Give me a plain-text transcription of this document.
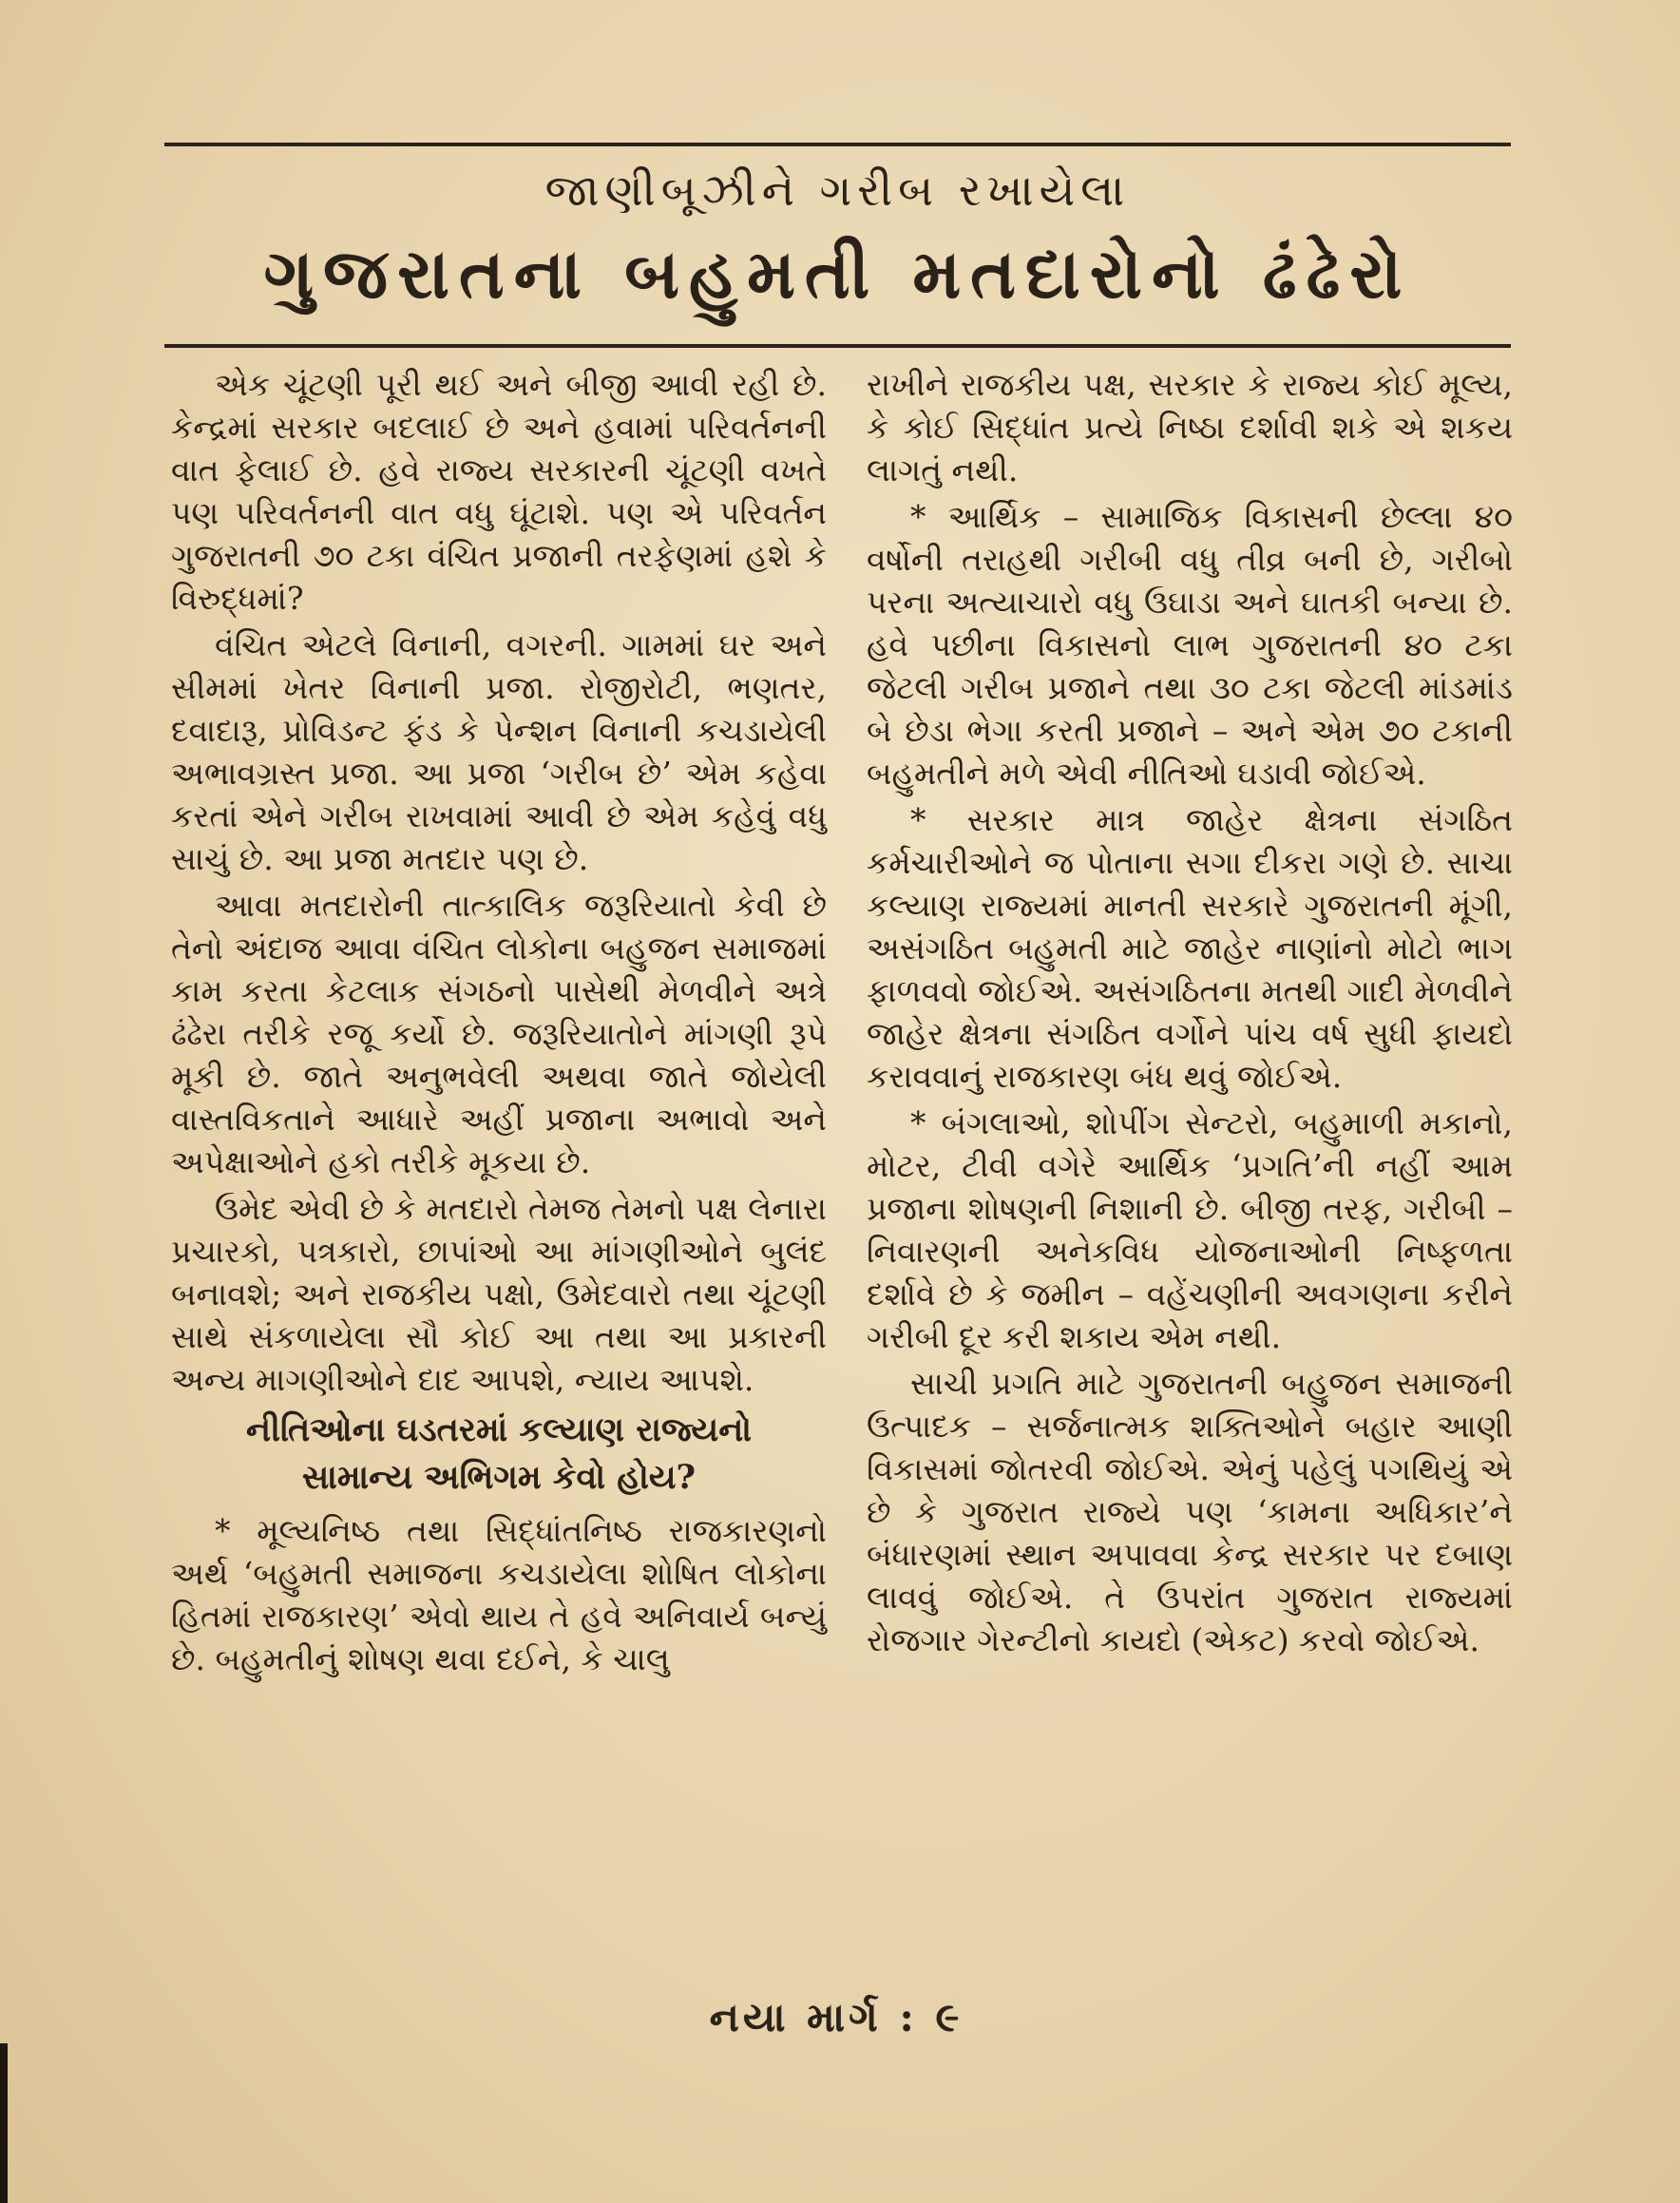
જાણીબૂઝીને ગરીબ રખાયેલા
ગુજરાતના બહુમતી મતદારોનો ઢંઢેરો

એક ચૂંટણી પૂરી થઈ અને બીજી આવી રહી છે. કેન્દ્રમાં સરકાર બદલાઈ છે અને હવામાં પરિવર્તનની વાત ફેલાઈ છે. હવે રાજ્ય સરકારની ચૂંટણી વખતે પણ પરિવર્તનની વાત વધુ ઘૂંટાશે. પણ એ પરિવર્તન ગુજરાતની ૭૦ ટકા વંચિત પ્રજાની તરફેણમાં હશે કે વિરુદ્ધમાં?

વંચિત એટલે વિનાની, વગરની. ગામમાં ઘર અને સીમમાં ખેતર વિનાની પ્રજા. રોજીરોટી, ભણતર, દવાદારૂ, પ્રોવિડન્ટ ફંડ કે પેન્શન વિનાની કચડાયેલી અભાવગ્રસ્ત પ્રજા. આ પ્રજા ‘ગરીબ છે’ એમ કહેવા કરતાં એને ગરીબ રાખવામાં આવી છે એમ કહેવું વધુ સાચું છે. આ પ્રજા મતદાર પણ છે.

આવા મતદારોની તાત્કાલિક જરૂરિયાતો કેવી છે તેનો અંદાજ આવા વંચિત લોકોના બહુજન સમાજમાં કામ કરતા કેટલાક સંગઠનો પાસેથી મેળવીને અત્રે ઢંઢેરા તરીકે રજૂ કર્યો છે. જરૂરિયાતોને માંગણી રૂપે મૂકી છે. જાતે અનુભવેલી અથવા જાતે જોયેલી વાસ્તવિકતાને આધારે અહીં પ્રજાના અભાવો અને અપેક્ષાઓને હકો તરીકે મૂકયા છે.

ઉમેદ એવી છે કે મતદારો તેમજ તેમનો પક્ષ લેનારા પ્રચારકો, પત્રકારો, છાપાંઓ આ માંગણીઓને બુલંદ બનાવશે; અને રાજકીય પક્ષો, ઉમેદવારો તથા ચૂંટણી સાથે સંકળાયેલા સૌ કોઈ આ તથા આ પ્રકારની અન્ય માગણીઓને દાદ આપશે, ન્યાય આપશે.

નીતિઓના ઘડતરમાં કલ્યાણ રાજ્યનો
સામાન્ય અભિગમ કેવો હોય?

* મૂલ્યનિષ્ઠ તથા સિદ્ધાંતનિષ્ઠ રાજકારણનો અર્થ ‘બહુમતી સમાજના કચડાયેલા શોષિત લોકોના હિતમાં રાજકારણ’ એવો થાય તે હવે અનિવાર્ય બન્યું છે. બહુમતીનું શોષણ થવા દઈને, કે ચાલુ

રાખીને રાજકીય પક્ષ, સરકાર કે રાજ્ય કોઈ મૂલ્ય, કે કોઈ સિદ્ધાંત પ્રત્યે નિષ્ઠા દર્શાવી શકે એ શકય લાગતું નથી.

* આર્થિક – સામાજિક વિકાસની છેલ્લા ૪૦ વર્ષોની તરાહથી ગરીબી વધુ તીવ્ર બની છે, ગરીબો પરના અત્યાચારો વધુ ઉઘાડા અને ઘાતકી બન્યા છે. હવે પછીના વિકાસનો લાભ ગુજરાતની ૪૦ ટકા જેટલી ગરીબ પ્રજાને તથા ૩૦ ટકા જેટલી માંડમાંડ બે છેડા ભેગા કરતી પ્રજાને – અને એમ ૭૦ ટકાની બહુમતીને મળે એવી નીતિઓ ઘડાવી જોઈએ.

* સરકાર માત્ર જાહેર ક્ષેત્રના સંગઠિત કર્મચારીઓને જ પોતાના સગા દીકરા ગણે છે. સાચા કલ્યાણ રાજ્યમાં માનતી સરકારે ગુજરાતની મૂંગી, અસંગઠિત બહુમતી માટે જાહેર નાણાંનો મોટો ભાગ ફાળવવો જોઈએ. અસંગઠિતના મતથી ગાદી મેળવીને જાહેર ક્ષેત્રના સંગઠિત વર્ગોને પાંચ વર્ષ સુધી ફાયદો કરાવવાનું રાજકારણ બંધ થવું જોઈએ.

* બંગલાઓ, શોપીંગ સેન્ટરો, બહુમાળી મકાનો, મોટર, ટીવી વગેરે આર્થિક ‘પ્રગતિ’ની નહીં આમ પ્રજાના શોષણની નિશાની છે. બીજી તરફ, ગરીબી – નિવારણની અનેકવિધ યોજનાઓની નિષ્ફળતા દર્શાવે છે કે જમીન – વહેંચણીની અવગણના કરીને ગરીબી દૂર કરી શકાય એમ નથી.

સાચી પ્રગતિ માટે ગુજરાતની બહુજન સમાજની ઉત્પાદક – સર્જનાત્મક શક્તિઓને બહાર આણી વિકાસમાં જોતરવી જોઈએ. એનું પહેલું પગથિયું એ છે કે ગુજરાત રાજ્યે પણ ‘કામના અધિકાર’ને બંધારણમાં સ્થાન અપાવવા કેન્દ્ર સરકાર પર દબાણ લાવવું જોઈએ. તે ઉપરાંત ગુજરાત રાજ્યમાં રોજગાર ગેરન્ટીનો કાયદો (એકટ) કરવો જોઈએ.

નયા માર્ગ : ૯
